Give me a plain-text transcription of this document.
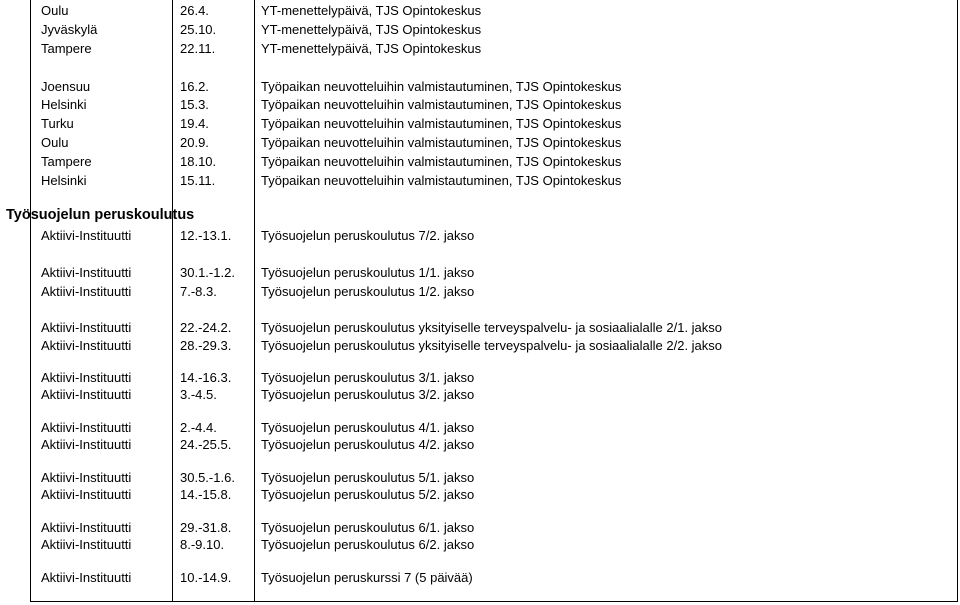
Oulu	26.4.	YT-menettelypäivä, TJS Opintokeskus
Jyväskylä	25.10.	YT-menettelypäivä, TJS Opintokeskus
Tampere	22.11.	YT-menettelypäivä, TJS Opintokeskus
Joensuu	16.2.	Työpaikan neuvotteluihin valmistautuminen, TJS Opintokeskus
Helsinki	15.3.	Työpaikan neuvotteluihin valmistautuminen, TJS Opintokeskus
Turku	19.4.	Työpaikan neuvotteluihin valmistautuminen, TJS Opintokeskus
Oulu	20.9.	Työpaikan neuvotteluihin valmistautuminen, TJS Opintokeskus
Tampere	18.10.	Työpaikan neuvotteluihin valmistautuminen, TJS Opintokeskus
Helsinki	15.11.	Työpaikan neuvotteluihin valmistautuminen, TJS Opintokeskus
Työsuojelun peruskoulutus
Aktiivi-Instituutti	12.-13.1. Työsuojelun peruskoulutus 7/2. jakso
Aktiivi-Instituutti	30.1.-1.2. Työsuojelun peruskoulutus 1/1. jakso
Aktiivi-Instituutti	7.-8.3.	Työsuojelun peruskoulutus 1/2. jakso
Aktiivi-Instituutti	22.-24.2. Työsuojelun peruskoulutus yksityiselle terveyspalvelu- ja sosiaalialalle 2/1. jakso
Aktiivi-Instituutti	28.-29.3. Työsuojelun peruskoulutus yksityiselle terveyspalvelu- ja sosiaalialalle 2/2. jakso
Aktiivi-Instituutti	14.-16.3. Työsuojelun peruskoulutus 3/1. jakso
Aktiivi-Instituutti	3.-4.5.	Työsuojelun peruskoulutus 3/2. jakso
Aktiivi-Instituutti	2.-4.4.	Työsuojelun peruskoulutus 4/1. jakso
Aktiivi-Instituutti	24.-25.5. Työsuojelun peruskoulutus 4/2. jakso
Aktiivi-Instituutti	30.5.-1.6. Työsuojelun peruskoulutus 5/1. jakso
Aktiivi-Instituutti	14.-15.8. Työsuojelun peruskoulutus 5/2. jakso
Aktiivi-Instituutti	29.-31.8. Työsuojelun peruskoulutus 6/1. jakso
Aktiivi-Instituutti	8.-9.10.	Työsuojelun peruskoulutus 6/2. jakso
Aktiivi-Instituutti	10.-14.9. Työsuojelun peruskurssi 7 (5 päivää)
